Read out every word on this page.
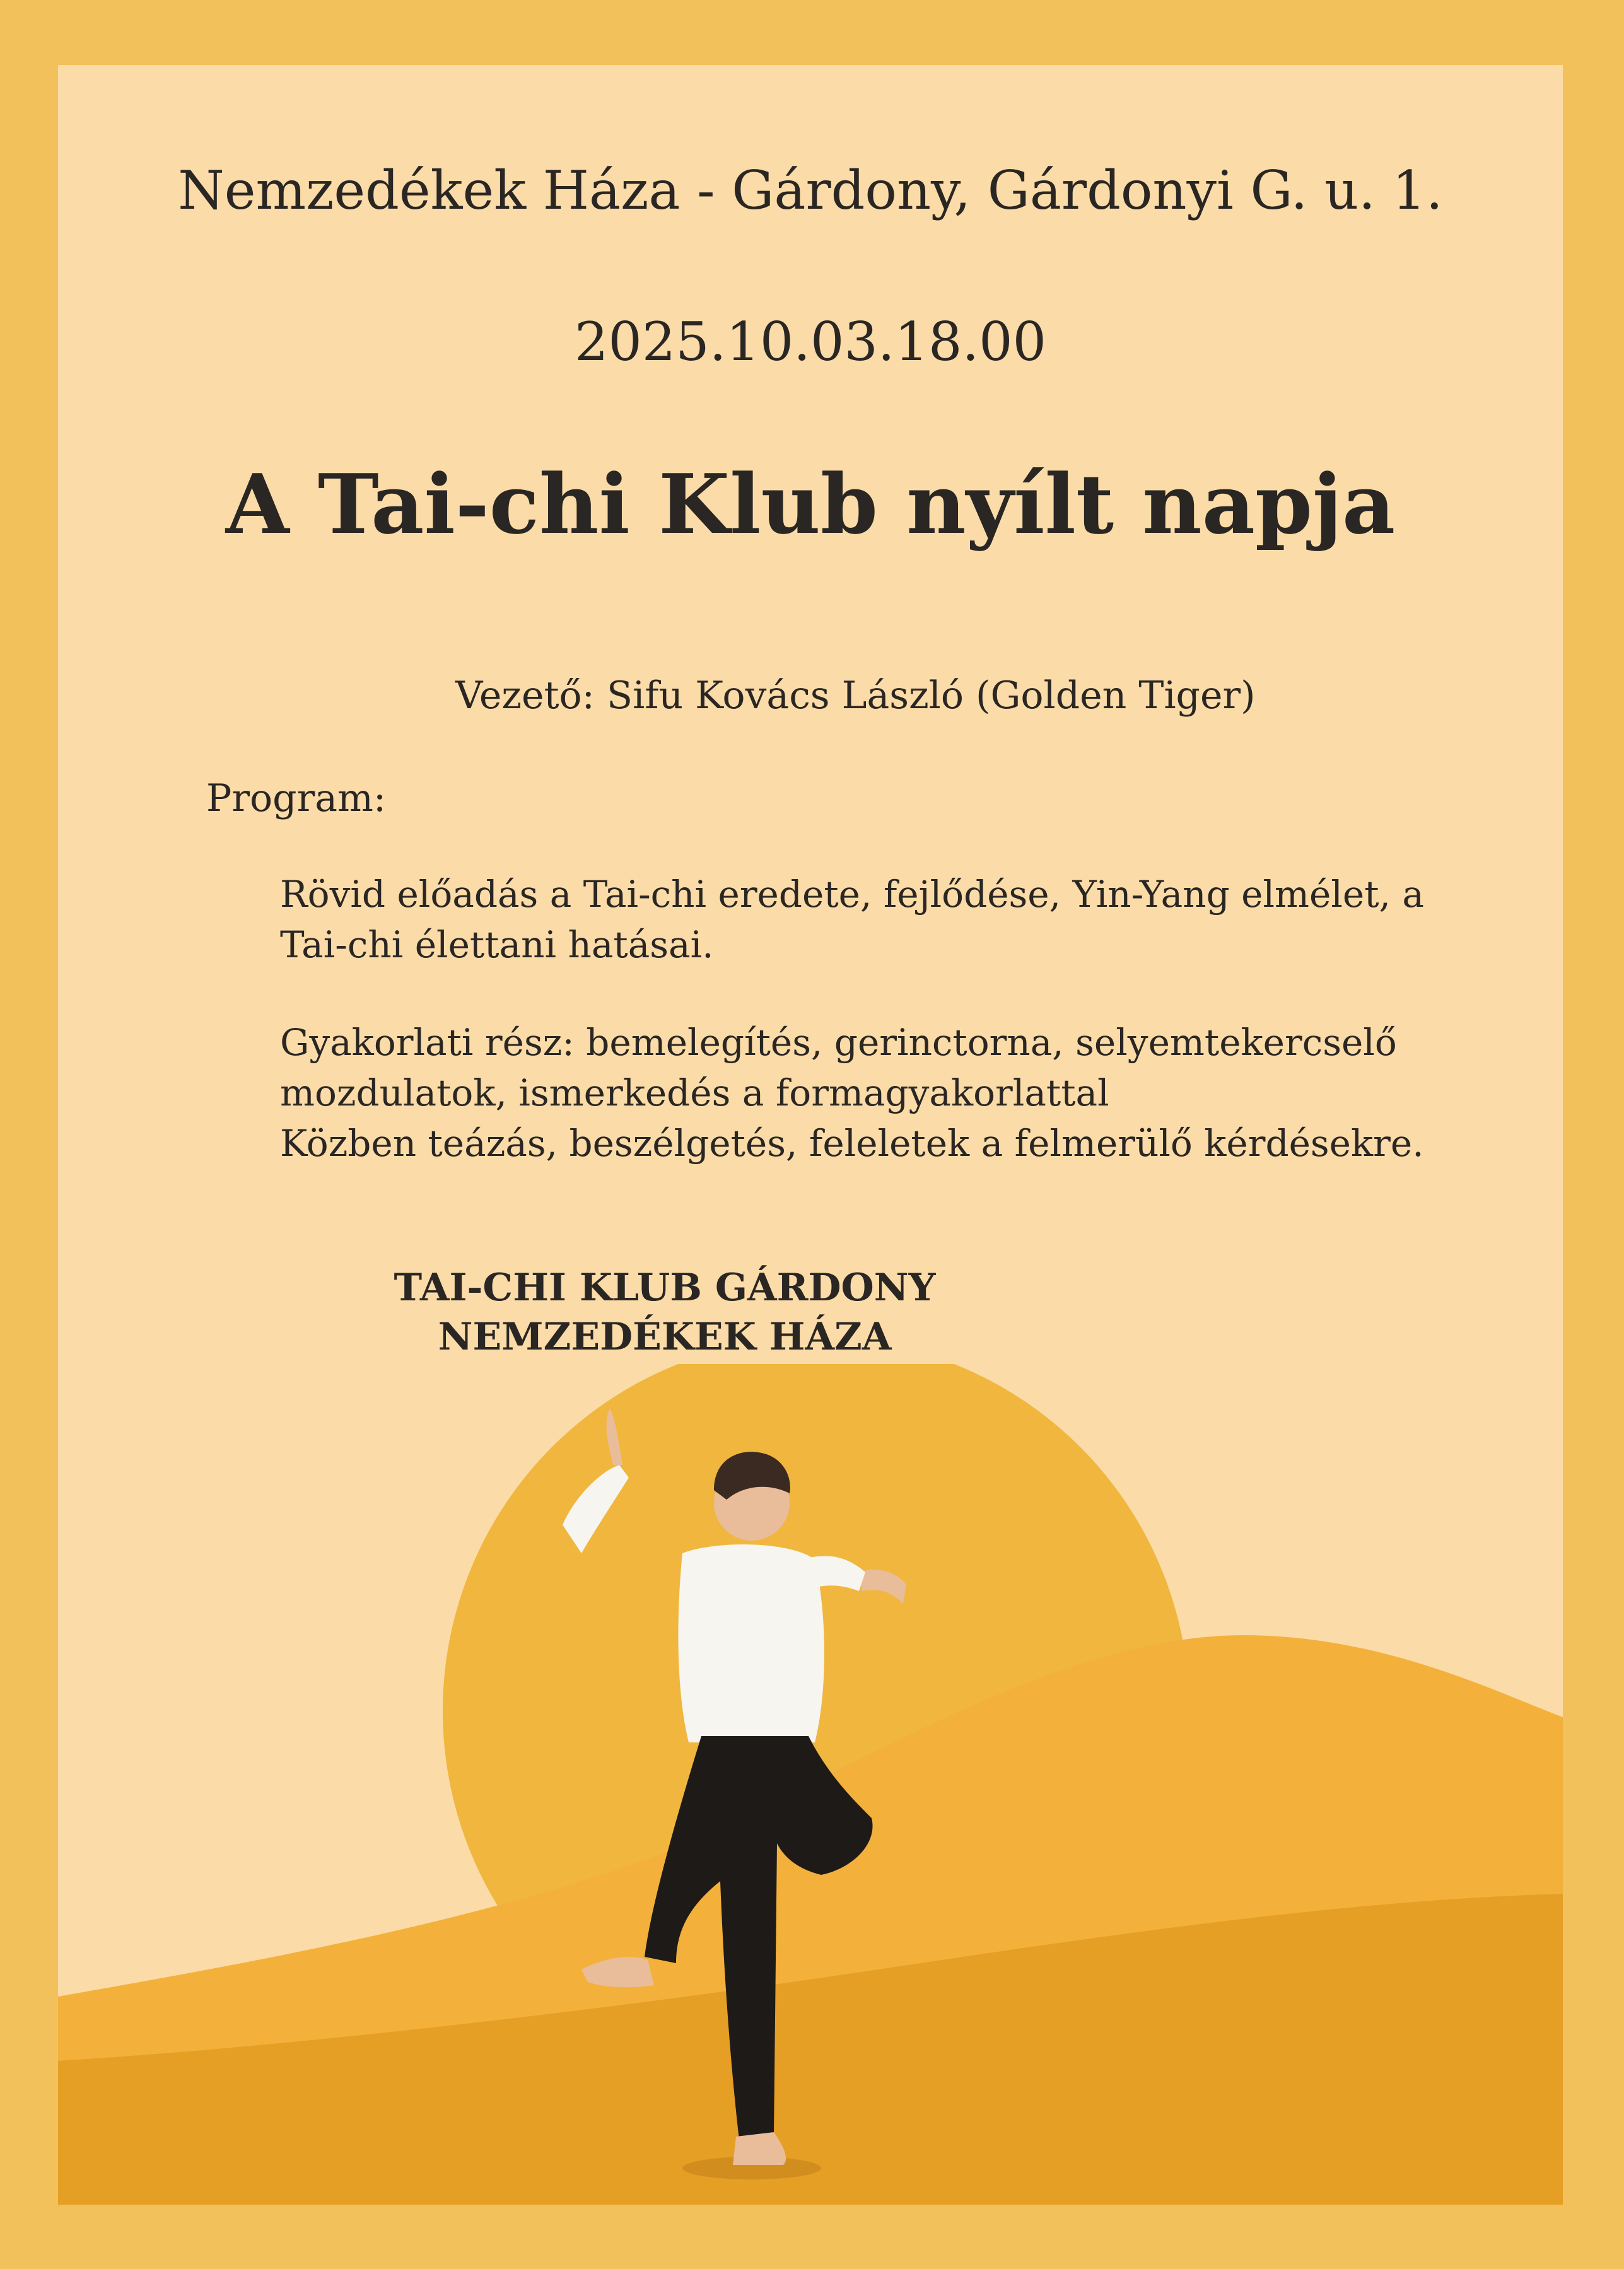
Nemzedékek Háza - Gárdony, Gárdonyi G. u. 1.
2025.10.03.18.00
A Tai-chi Klub nyílt napja
Vezető: Sifu Kovács László (Golden Tiger)
Program:
Rövid előadás a Tai-chi eredete, fejlődése, Yin-Yang elmélet, a
Tai-chi élettani hatásai.
Gyakorlati rész: bemelegítés, gerinctorna, selyemtekercselő
mozdulatok, ismerkedés a formagyakorlattal
Közben teázás, beszélgetés, feleletek a felmerülő kérdésekre.
TAI-CHI KLUB GÁRDONY
NEMZEDÉKEK HÁZA
